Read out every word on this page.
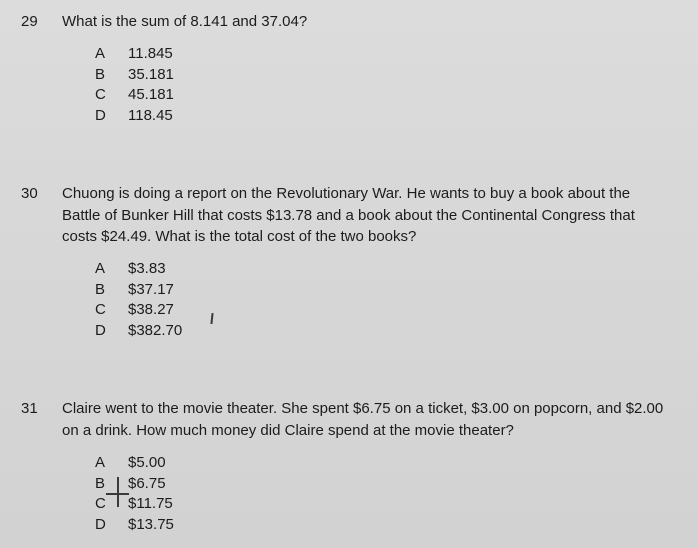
29 What is the sum of 8.141 and 37.04?
A 11.845
B 35.181
C 45.181
D 118.45
30 Chuong is doing a report on the Revolutionary War. He wants to buy a book about the
Battle of Bunker Hill that costs $13.78 and a book about the Continental Congress that
costs $24.49. What is the total cost of the two books?
A $3.83
B $37.17
C $38.27
D $382.70
31 Claire went to the movie theater. She spent $6.75 on a ticket, $3.00 on popcorn, and $2.00
on a drink. How much money did Claire spend at the movie theater?
A $5.00
B $6.75
C $11.75
D $13.75
